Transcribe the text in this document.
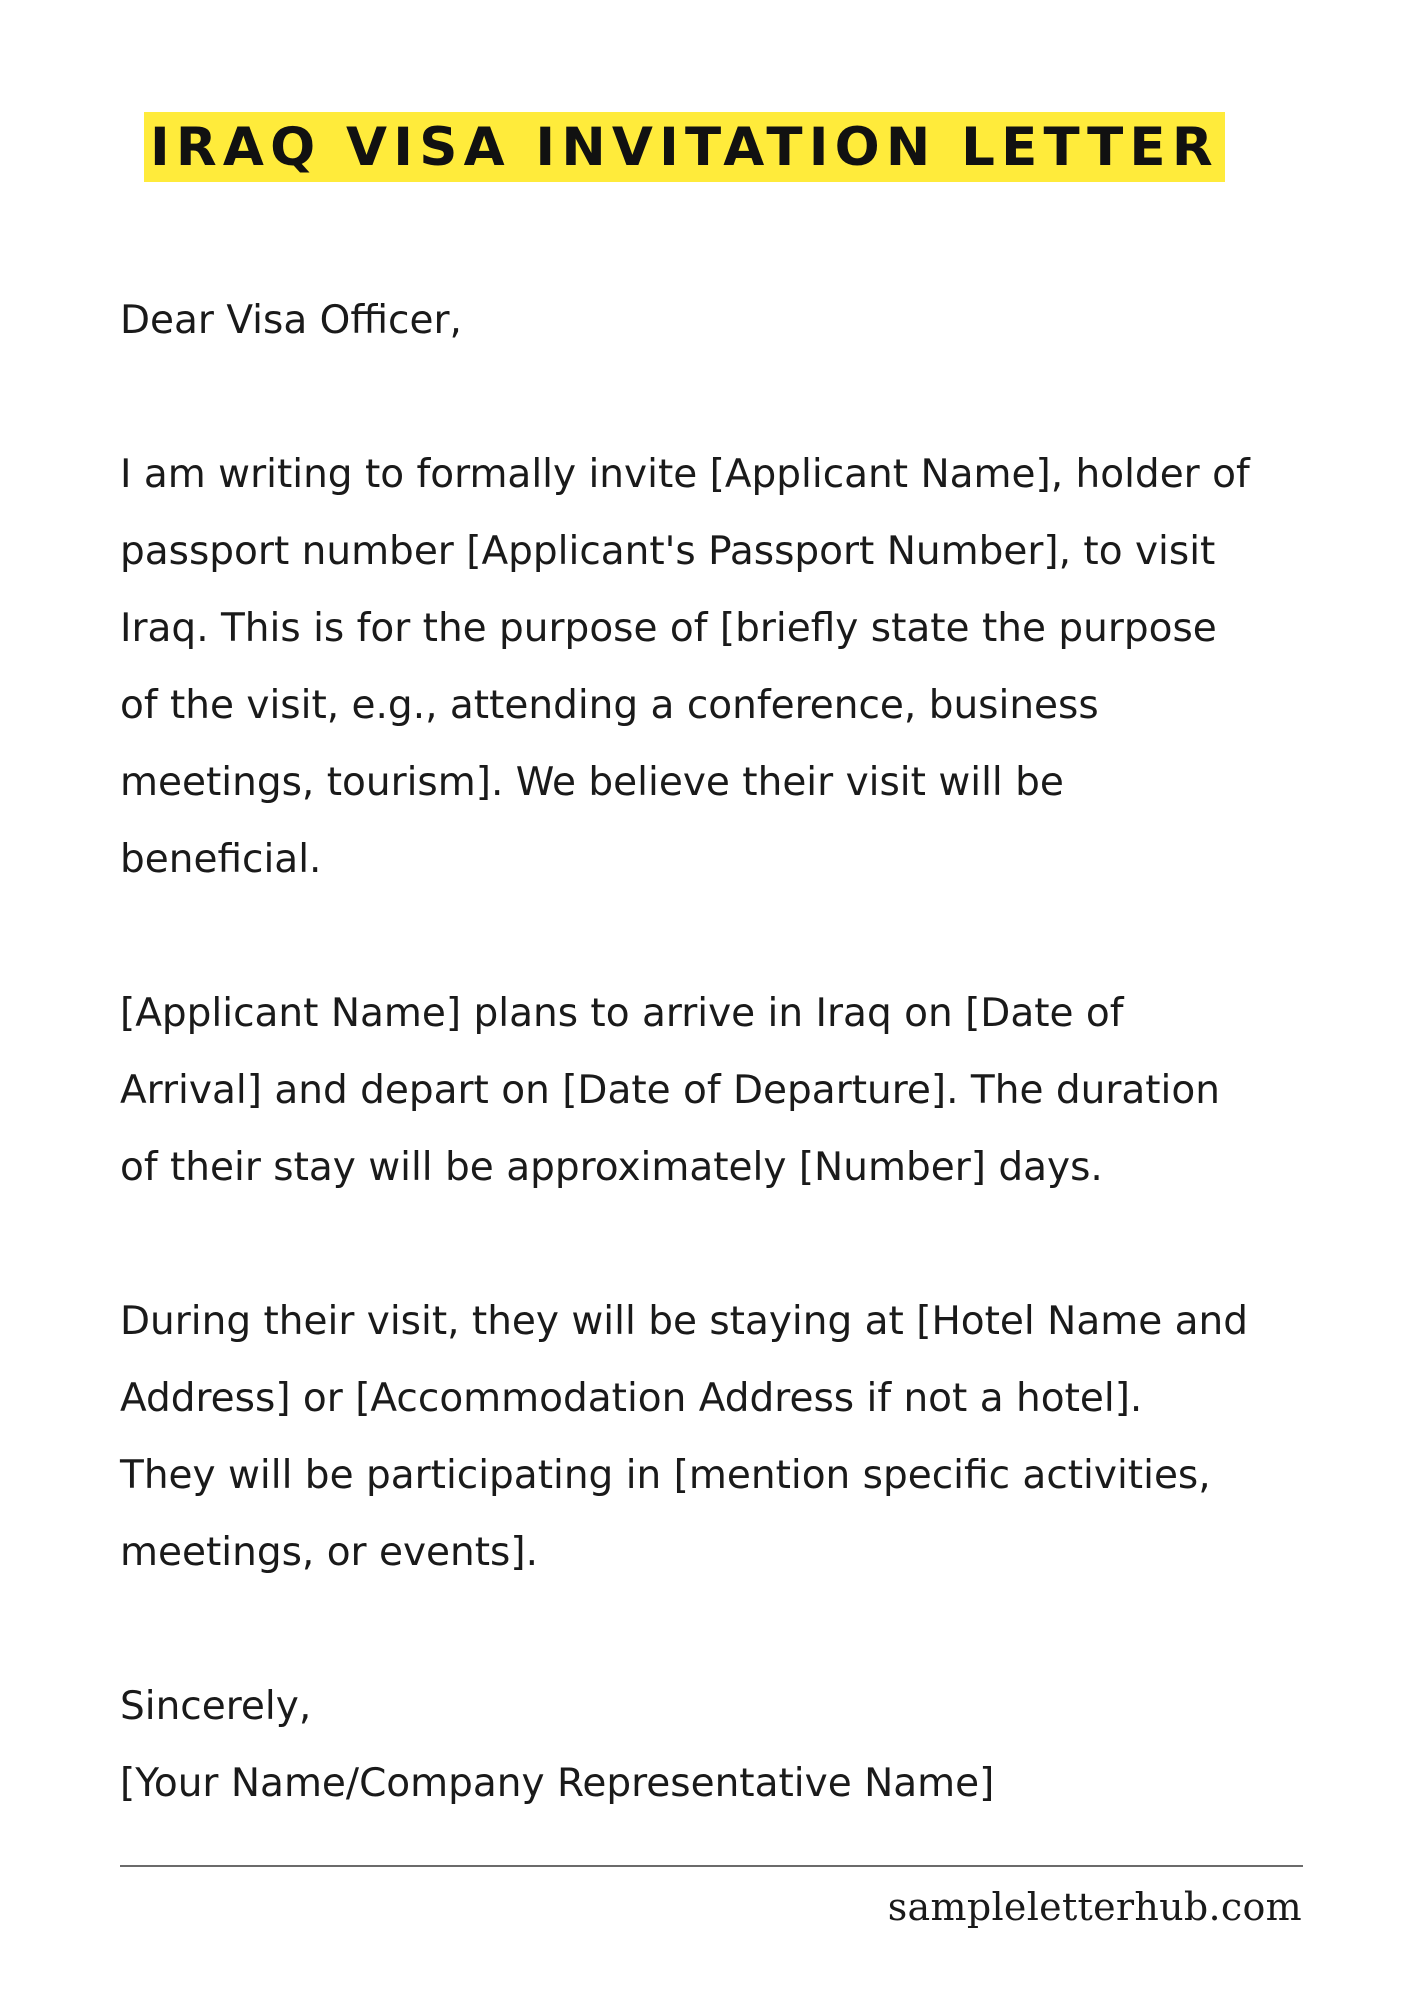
IRAQ VISA INVITATION LETTER

Dear Visa Officer,

I am writing to formally invite [Applicant Name], holder of

passport number [Applicant's Passport Number], to visit

Iraq. This is for the purpose of [briefly state the purpose

of the visit, e.g., attending a conference, business

meetings, tourism]. We believe their visit will be

beneficial.

[Applicant Name] plans to arrive in Iraq on [Date of

Arrival] and depart on [Date of Departure]. The duration

of their stay will be approximately [Number] days.

During their visit, they will be staying at [Hotel Name and

Address] or [Accommodation Address if not a hotel].

They will be participating in [mention specific activities,

meetings, or events].

Sincerely,

[Your Name/Company Representative Name]

sampleletterhub.com
